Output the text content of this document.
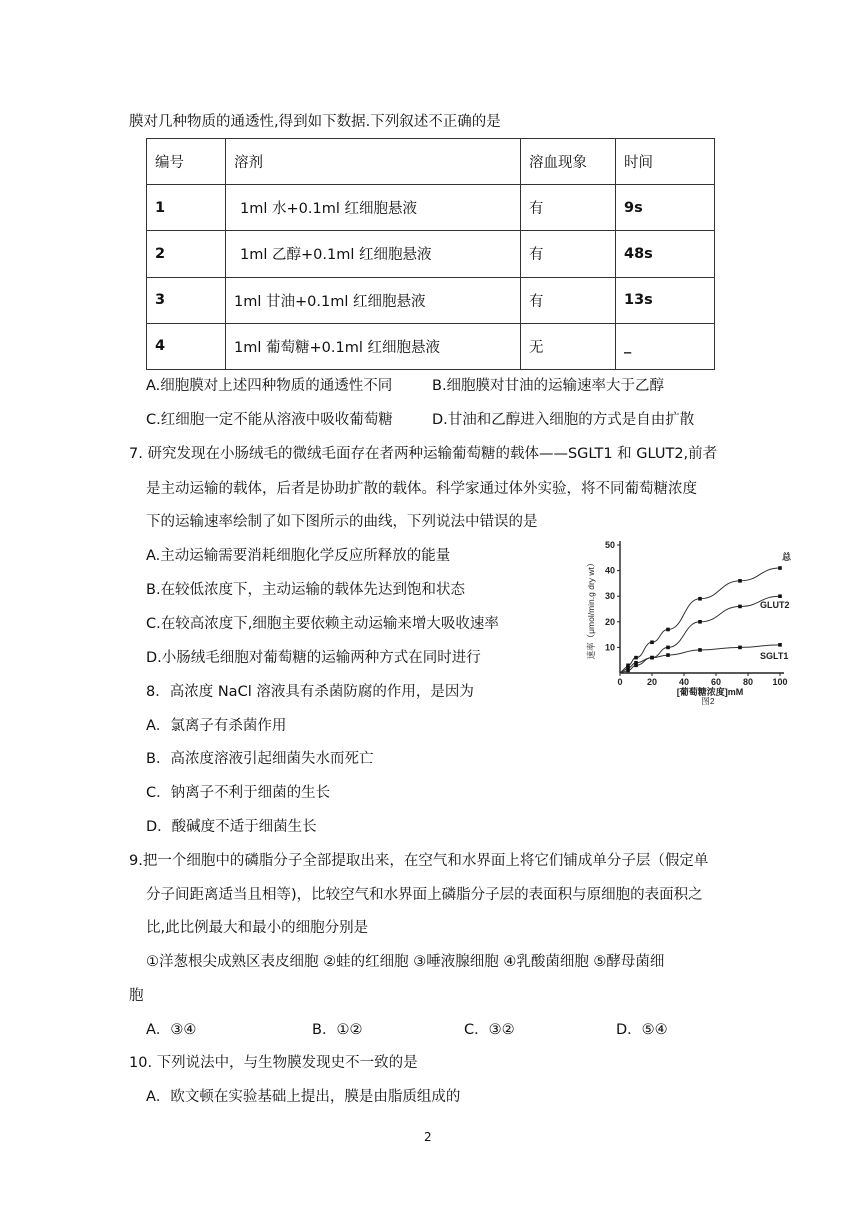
膜对几种物质的通透性,得到如下数据.下列叙述不正确的是
编号	溶剂	溶血现象	时间
1	1ml 水+0.1ml 红细胞悬液	有	9s
2	1ml 乙醇+0.1ml 红细胞悬液	有	48s
3	1ml 甘油+0.1ml 红细胞悬液	有	13s
4	1ml 葡萄糖+0.1ml 红细胞悬液	无	_
A.细胞膜对上述四种物质的通透性不同	B.细胞膜对甘油的运输速率大于乙醇
C.红细胞一定不能从溶液中吸收葡萄糖	D.甘油和乙醇进入细胞的方式是自由扩散
7. 研究发现在小肠绒毛的微绒毛面存在者两种运输葡萄糖的载体——SGLT1 和 GLUT2,前者
是主动运输的载体，后者是协助扩散的载体。科学家通过体外实验，将不同葡萄糖浓度
下的运输速率绘制了如下图所示的曲线，下列说法中错误的是
A.主动运输需要消耗细胞化学反应所释放的能量
B.在较低浓度下，主动运输的载体先达到饱和状态
C.在较高浓度下,细胞主要依赖主动运输来增大吸收速率
D.小肠绒毛细胞对葡萄糖的运输两种方式在同时进行
0	20 40 60 80 100
10
20
30
40
50
速率（μmol/min.g dry wt）
[葡萄糖浓度]mM
图2
总
GLUT2
SGLT1
8．高浓度 NaCl 溶液具有杀菌防腐的作用，是因为
A．氯离子有杀菌作用
B．高浓度溶液引起细菌失水而死亡
C．钠离子不利于细菌的生长
D．酸碱度不适于细菌生长
9.把一个细胞中的磷脂分子全部提取出来，在空气和水界面上将它们铺成单分子层（假定单
分子间距离适当且相等)，比较空气和水界面上磷脂分子层的表面积与原细胞的表面积之
比,此比例最大和最小的细胞分别是
①洋葱根尖成熟区表皮细胞 ②蛙的红细胞 ③唾液腺细胞 ④乳酸菌细胞 ⑤酵母菌细
胞
A．③④	B．①②	C．③②	D．⑤④
10. 下列说法中，与生物膜发现史不一致的是
A．欧文顿在实验基础上提出，膜是由脂质组成的
2
